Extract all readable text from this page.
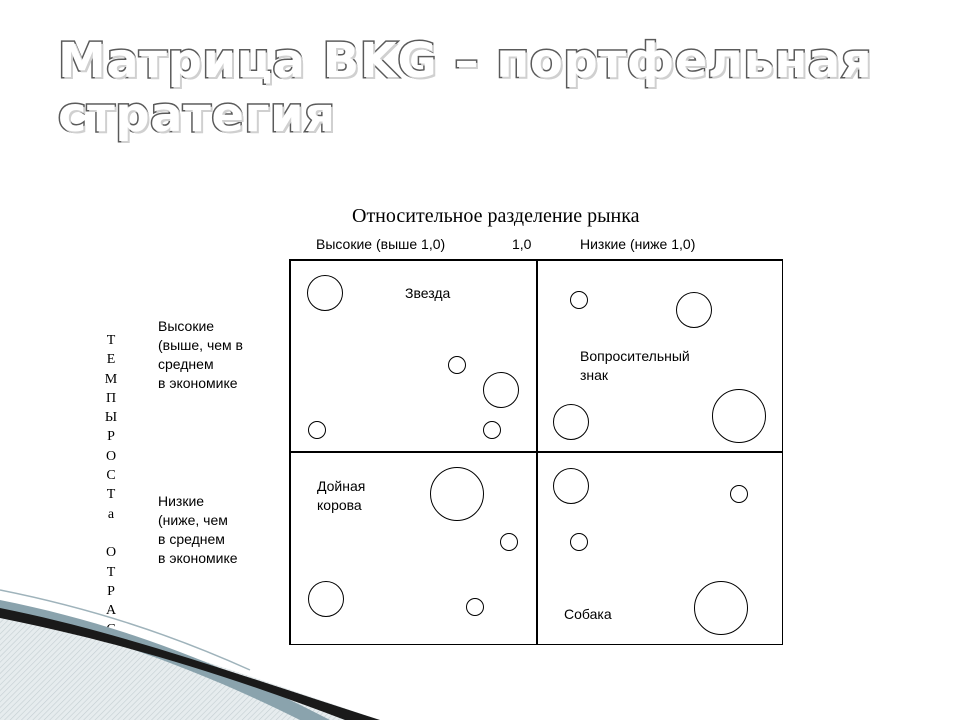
Матрица BKG – портфельная
стратегия
Относительное разделение рынка
Высокие (выше 1,0)	1,0	Низкие (ниже 1,0)
Т
Е
М
П
Ы
Р
О
С
Т
а
О
Т
Р
А
Высокие
(выше, чем в
среднем
в экономике
Низкие
(ниже, чем
в среднем
в экономике
Звезда
Вопросительный
знак
Дойная
корова
Собака
